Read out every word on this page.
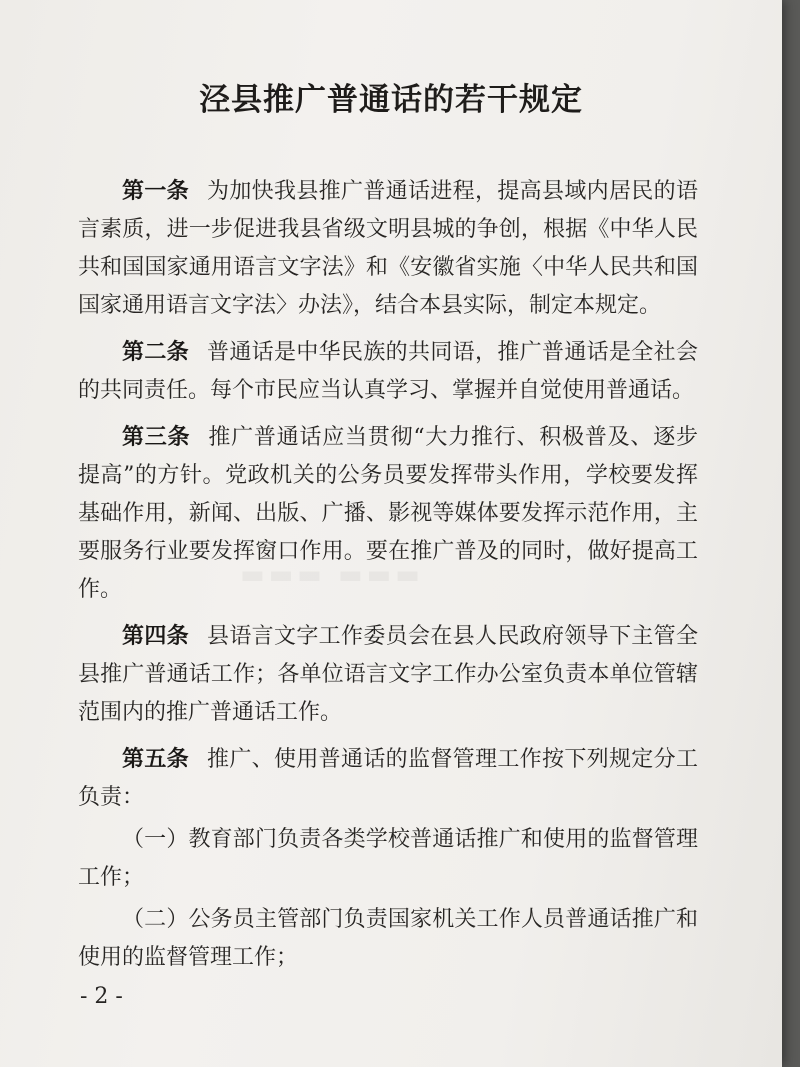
▬▬▬ ▬▬▬
泾县推广普通话的若干规定

第一条 为加快我县推广普通话进程，提高县域内居民的语言素质，进一步促进我县省级文明县城的争创，根据《中华人民共和国国家通用语言文字法》和《安徽省实施〈中华人民共和国国家通用语言文字法〉办法》，结合本县实际，制定本规定。

第二条 普通话是中华民族的共同语，推广普通话是全社会的共同责任。每个市民应当认真学习、掌握并自觉使用普通话。

第三条 推广普通话应当贯彻“大力推行、积极普及、逐步提高”的方针。党政机关的公务员要发挥带头作用，学校要发挥基础作用，新闻、出版、广播、影视等媒体要发挥示范作用，主要服务行业要发挥窗口作用。要在推广普及的同时，做好提高工作。

第四条 县语言文字工作委员会在县人民政府领导下主管全县推广普通话工作；各单位语言文字工作办公室负责本单位管辖范围内的推广普通话工作。

第五条 推广、使用普通话的监督管理工作按下列规定分工负责：

（一）教育部门负责各类学校普通话推广和使用的监督管理工作；

（二）公务员主管部门负责国家机关工作人员普通话推广和使用的监督管理工作；

- 2 -
